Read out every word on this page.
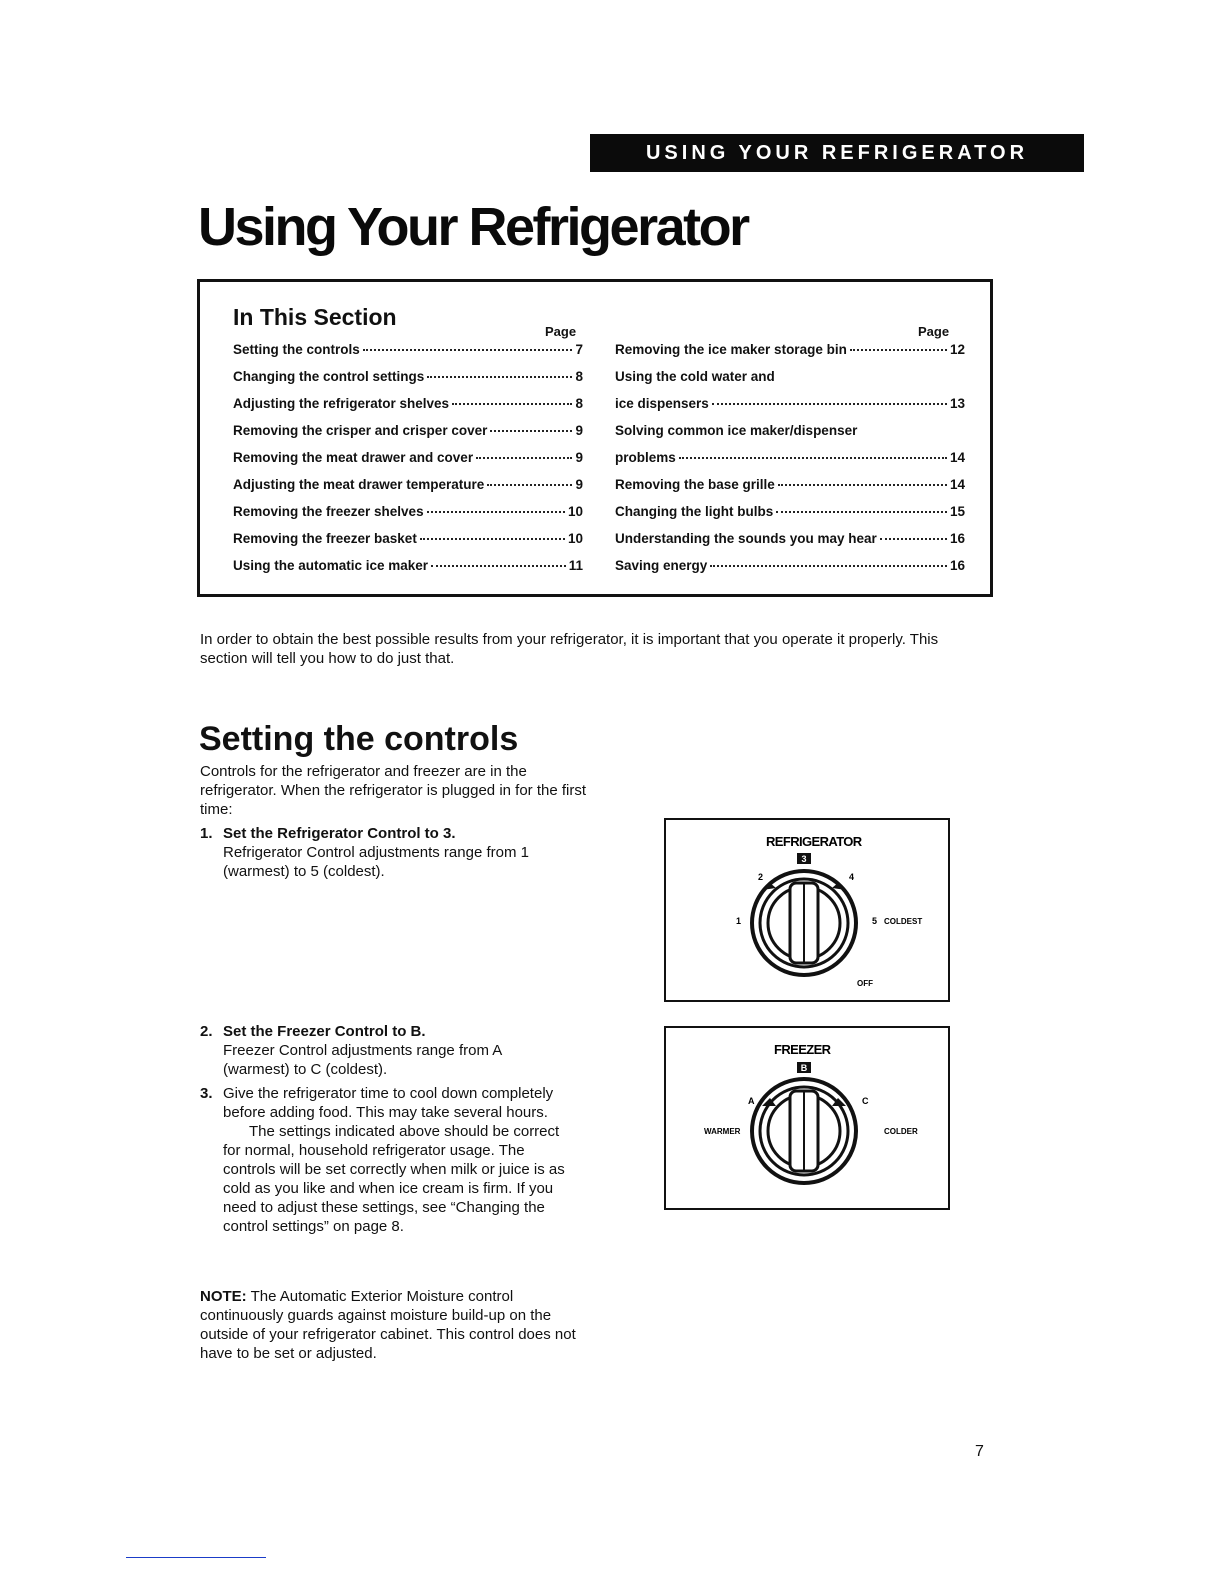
USING YOUR REFRIGERATOR
Using Your Refrigerator
In This Section
Page	Page
Setting the controls	7
Changing the control settings	8
Adjusting the refrigerator shelves	8
Removing the crisper and crisper cover	9
Removing the meat drawer and cover	9
Adjusting the meat drawer temperature	9
Removing the freezer shelves	10
Removing the freezer basket	10
Using the automatic ice maker	11
Removing the ice maker storage bin	12
Using the cold water and
ice dispensers	13
Solving common ice maker/dispenser
problems	14
Removing the base grille	14
Changing the light bulbs	15
Understanding the sounds you may hear	16
Saving energy	16

In order to obtain the best possible results from your refrigerator, it is important that you operate it properly. This section will tell you how to do just that.

Setting the controls

Controls for the refrigerator and freezer are in the refrigerator. When the refrigerator is plugged in for the first time:

1. Set the Refrigerator Control to 3.
Refrigerator Control adjustments range from 1 (warmest) to 5 (coldest).
2. Set the Freezer Control to B.
Freezer Control adjustments range from A (warmest) to C (coldest).
3. Give the refrigerator time to cool down completely before adding food. This may take several hours.

The settings indicated above should be correct for normal, household refrigerator usage. The controls will be set correctly when milk or juice is as cold as you like and when ice cream is firm. If you need to adjust these settings, see “Changing the control settings” on page 8.

NOTE: The Automatic Exterior Moisture control continuously guards against moisture build-up on the outside of your refrigerator cabinet. This control does not have to be set or adjusted.

REFRIGERATOR
3
2	4
1	5 COLDEST
OFF
FREEZER
B
A	C
WARMER	COLDER
7
